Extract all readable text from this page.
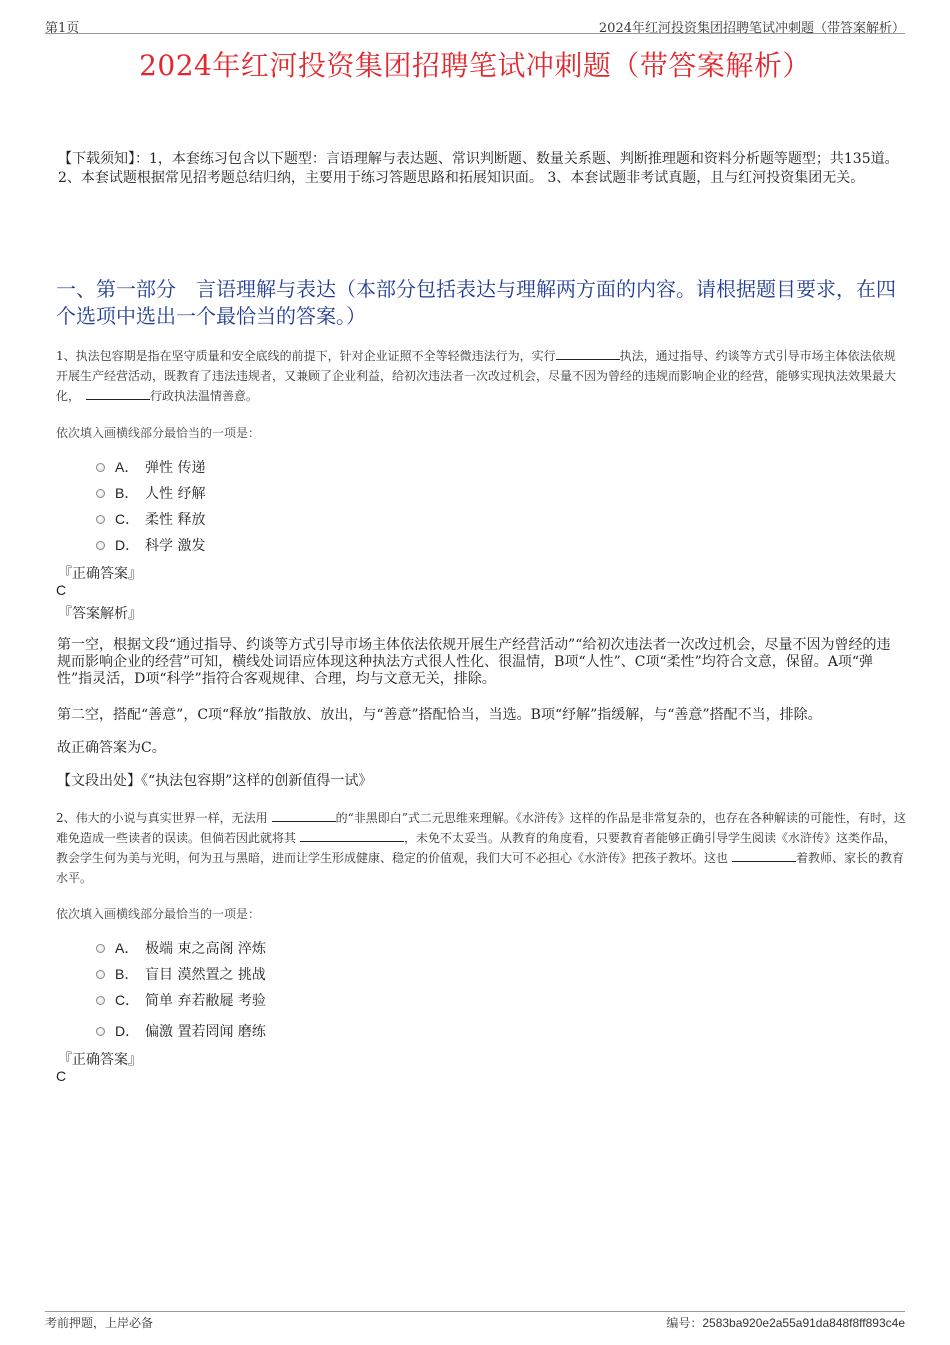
第1页	2024年红河投资集团招聘笔试冲刺题（带答案解析）
2024年红河投资集团招聘笔试冲刺题（带答案解析）
【下载须知】：1，本套练习包含以下题型：言语理解与表达题、常识判断题、数量关系题、判断推理题和资料分析题等题型；共135道。 2、本套试题根据常见招考题总结归纳，主要用于练习答题思路和拓展知识面。 3、本套试题非考试真题，且与红河投资集团无关。
一、第一部分　言语理解与表达（本部分包括表达与理解两方面的内容。请根据题目要求，在四个选项中选出一个最恰当的答案。）
1、执法包容期是指在坚守质量和安全底线的前提下，针对企业证照不全等轻微违法行为，实行	执法，通过指导、约谈等方式引导市场主体依法依规开展生产经营活动，既教育了违法违规者，又兼顾了企业利益，给初次违法者一次改过机会，尽量不因为曾经的违规而影响企业的经营，能够实现执法效果最大化，	行政执法温情善意。
依次填入画横线部分最恰当的一项是：
A． 弹性 传递
B． 人性 纾解
C． 柔性 释放
D． 科学 激发
『正确答案』
C
『答案解析』
第一空，根据文段“通过指导、约谈等方式引导市场主体依法依规开展生产经营活动”“给初次违法者一次改过机会，尽量不因为曾经的违规而影响企业的经营”可知，横线处词语应体现这种执法方式很人性化、很温情，B项“人性”、C项“柔性”均符合文意，保留。A项“弹性”指灵活，D项“科学”指符合客观规律、合理，均与文意无关，排除。
第二空，搭配“善意”，C项“释放”指散放、放出，与“善意”搭配恰当，当选。B项“纾解”指缓解，与“善意”搭配不当，排除。
故正确答案为C。
【文段出处】《“执法包容期”这样的创新值得一试》
2、伟大的小说与真实世界一样，无法用	的“非黑即白”式二元思维来理解。《水浒传》这样的作品是非常复杂的，也存在各种解读的可能性，有时，这难免造成一些读者的误读。但倘若因此就将其	，未免不太妥当。从教育的角度看，只要教育者能够正确引导学生阅读《水浒传》这类作品，教会学生何为美与光明，何为丑与黑暗，进而让学生形成健康、稳定的价值观，我们大可不必担心《水浒传》把孩子教坏。这也	着教师、家长的教育水平。
依次填入画横线部分最恰当的一项是：
A． 极端 束之高阁 淬炼
B． 盲目 漠然置之 挑战
C． 简单 弃若敝屣 考验
D． 偏激 置若罔闻 磨练
『正确答案』
C
考前押题，上岸必备	编号：2583ba920e2a55a91da848f8ff893c4e
